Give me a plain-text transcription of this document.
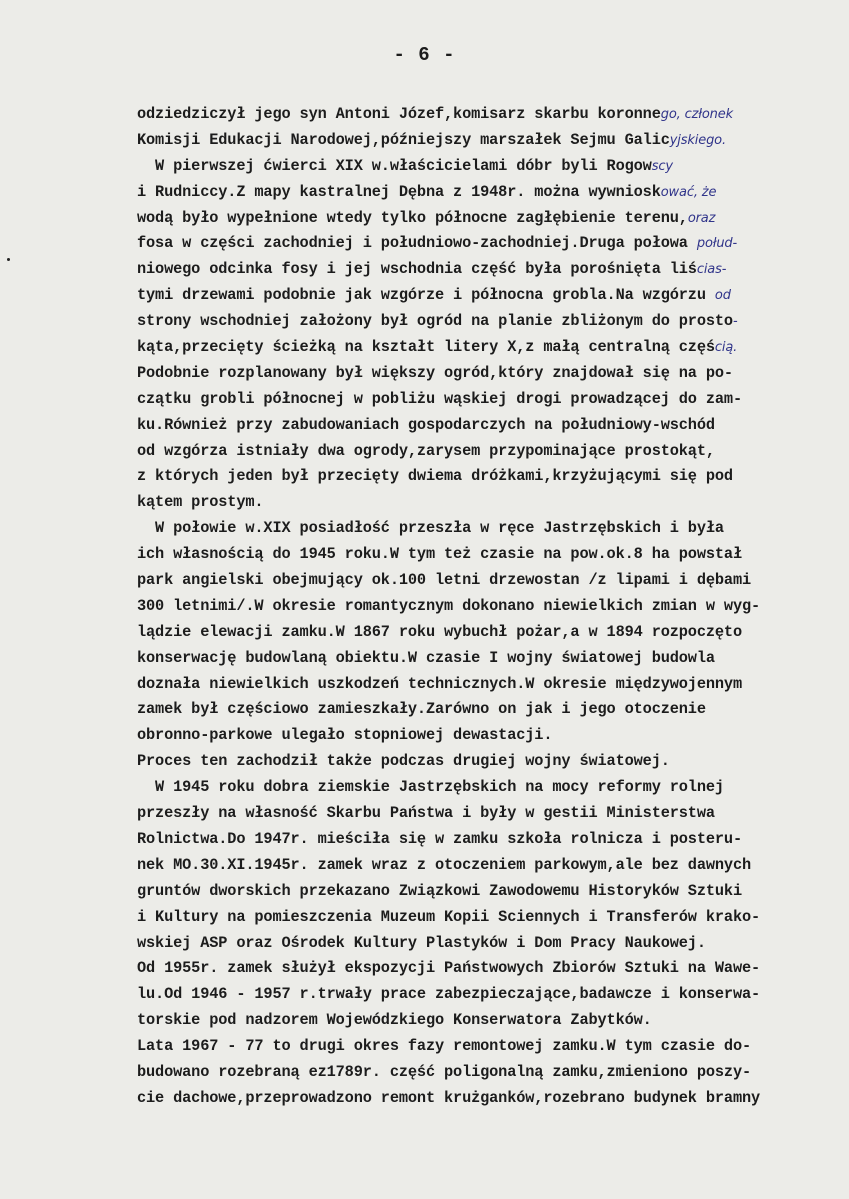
- 6 -
odziedziczył jego syn Antoni Józef,komisarz skarbu koronnego, członek
Komisji Edukacji Narodowej,późniejszy marszałek Sejmu Galicyjskiego.
W pierwszej ćwierci XIX w.właścicielami dóbr byli Rogowscy
i Rudniccy.Z mapy kastralnej Dębna z 1948r. można wywnioskować, że
wodą było wypełnione wtedy tylko północne zagłębienie terenu,oraz
fosa w części zachodniej i południowo-zachodniej.Druga połowa połud-
niowego odcinka fosy i jej wschodnia część była porośnięta liścias-
tymi drzewami podobnie jak wzgórze i północna grobla.Na wzgórzu od
strony wschodniej założony był ogród na planie zbliżonym do prosto-
kąta,przecięty ścieżką na kształt litery X,z małą centralną częścią.
Podobnie rozplanowany był większy ogród,który znajdował się na po-
czątku grobli północnej w pobliżu wąskiej drogi prowadzącej do zam-
ku.Również przy zabudowaniach gospodarczych na południowy-wschód
od wzgórza istniały dwa ogrody,zarysem przypominające prostokąt,
z których jeden był przecięty dwiema dróżkami,krzyżującymi się pod
kątem prostym.
W połowie w.XIX posiadłość przeszła w ręce Jastrzębskich i była
ich własnością do 1945 roku.W tym też czasie na pow.ok.8 ha powstał
park angielski obejmujący ok.100 letni drzewostan /z lipami i dębami
300 letnimi/.W okresie romantycznym dokonano niewielkich zmian w wyg-
lądzie elewacji zamku.W 1867 roku wybuchł pożar,a w 1894 rozpoczęto
konserwację budowlaną obiektu.W czasie I wojny światowej budowla
doznała niewielkich uszkodzeń technicznych.W okresie międzywojennym
zamek był częściowo zamieszkały.Zarówno on jak i jego otoczenie
obronno-parkowe ulegało stopniowej dewastacji.
Proces ten zachodził także podczas drugiej wojny światowej.
W 1945 roku dobra ziemskie Jastrzębskich na mocy reformy rolnej
przeszły na własność Skarbu Państwa i były w gestii Ministerstwa
Rolnictwa.Do 1947r. mieściła się w zamku szkoła rolnicza i posteru-
nek MO.30.XI.1945r. zamek wraz z otoczeniem parkowym,ale bez dawnych
gruntów dworskich przekazano Związkowi Zawodowemu Historyków Sztuki
i Kultury na pomieszczenia Muzeum Kopii Sciennych i Transferów krako-
wskiej ASP oraz Ośrodek Kultury Plastyków i Dom Pracy Naukowej.
Od 1955r. zamek służył ekspozycji Państwowych Zbiorów Sztuki na Wawe-
lu.Od 1946 - 1957 r.trwały prace zabezpieczające,badawcze i konserwa-
torskie pod nadzorem Wojewódzkiego Konserwatora Zabytków.
Lata 1967 - 77 to drugi okres fazy remontowej zamku.W tym czasie do-
budowano rozebraną ez1789r. część poligonalną zamku,zmieniono poszy-
cie dachowe,przeprowadzono remont krużganków,rozebrano budynek bramny
